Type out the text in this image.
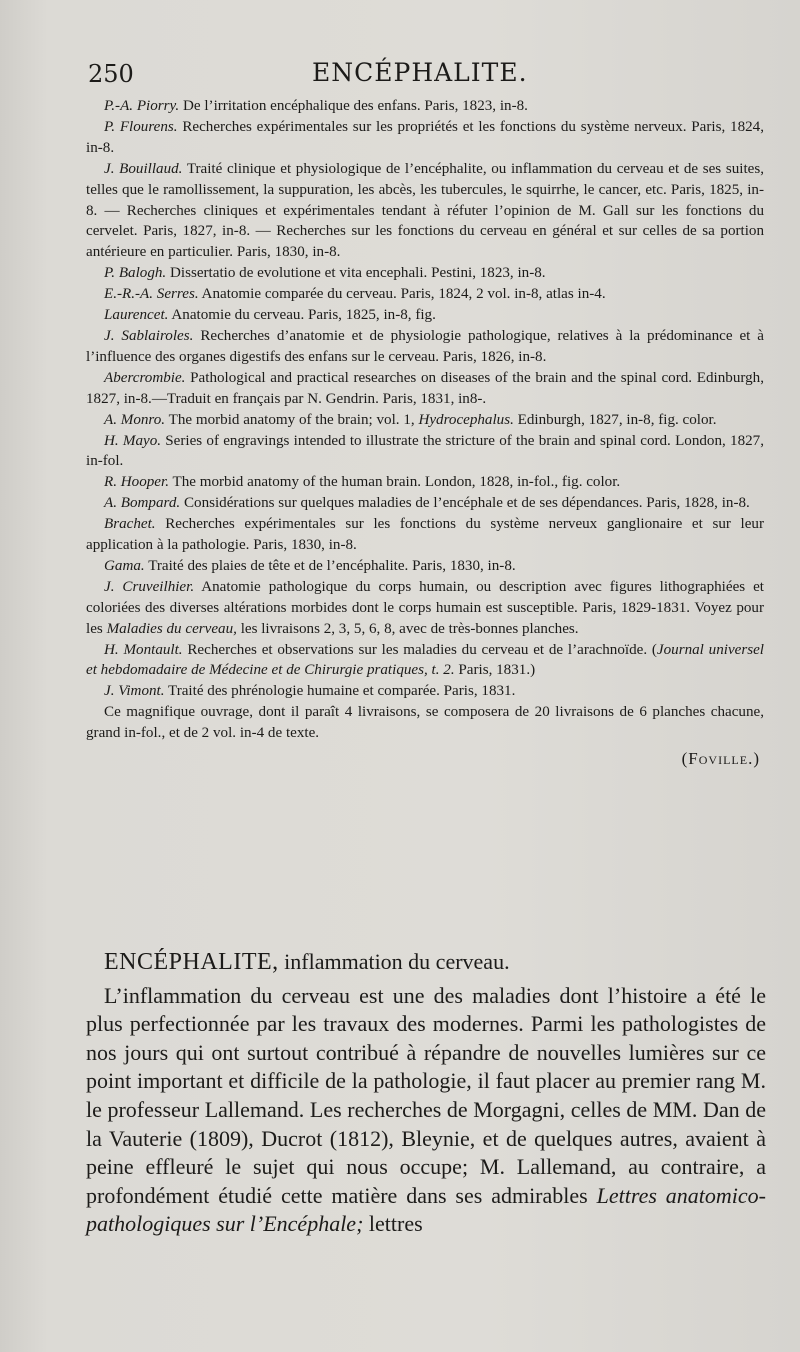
250	ENCÉPHALITE.

P.-A. Piorry. De l’irritation encéphalique des enfans. Paris, 1823, in-8.

P. Flourens. Recherches expérimentales sur les propriétés et les fonctions du système nerveux. Paris, 1824, in-8.

J. Bouillaud. Traité clinique et physiologique de l’encéphalite, ou inflammation du cerveau et de ses suites, telles que le ramollissement, la suppuration, les abcès, les tubercules, le squirrhe, le cancer, etc. Paris, 1825, in-8. — Recherches cliniques et expérimentales tendant à réfuter l’opinion de M. Gall sur les fonctions du cervelet. Paris, 1827, in-8. — Recherches sur les fonctions du cerveau en général et sur celles de sa portion antérieure en particulier. Paris, 1830, in-8.

P. Balogh. Dissertatio de evolutione et vita encephali. Pestini, 1823, in-8.

E.-R.-A. Serres. Anatomie comparée du cerveau. Paris, 1824, 2 vol. in-8, atlas in-4.

Laurencet. Anatomie du cerveau. Paris, 1825, in-8, fig.

J. Sablairoles. Recherches d’anatomie et de physiologie pathologique, relatives à la prédominance et à l’influence des organes digestifs des enfans sur le cerveau. Paris, 1826, in-8.

Abercrombie. Pathological and practical researches on diseases of the brain and the spinal cord. Edinburgh, 1827, in-8.—Traduit en français par N. Gendrin. Paris, 1831, in8-.

A. Monro. The morbid anatomy of the brain; vol. 1, Hydrocephalus. Edinburgh, 1827, in-8, fig. color.

H. Mayo. Series of engravings intended to illustrate the stricture of the brain and spinal cord. London, 1827, in-fol.

R. Hooper. The morbid anatomy of the human brain. London, 1828, in-fol., fig. color.

A. Bompard. Considérations sur quelques maladies de l’encéphale et de ses dépendances. Paris, 1828, in-8.

Brachet. Recherches expérimentales sur les fonctions du système nerveux ganglionaire et sur leur application à la pathologie. Paris, 1830, in-8.

Gama. Traité des plaies de tête et de l’encéphalite. Paris, 1830, in-8.

J. Cruveilhier. Anatomie pathologique du corps humain, ou description avec figures lithographiées et coloriées des diverses altérations morbides dont le corps humain est susceptible. Paris, 1829-1831. Voyez pour les Maladies du cerveau, les livraisons 2, 3, 5, 6, 8, avec de très-bonnes planches.

H. Montault. Recherches et observations sur les maladies du cerveau et de l’arachnoïde. (Journal universel et hebdomadaire de Médecine et de Chirurgie pratiques, t. 2. Paris, 1831.)

J. Vimont. Traité des phrénologie humaine et comparée. Paris, 1831.

Ce magnifique ouvrage, dont il paraît 4 livraisons, se composera de 20 livraisons de 6 planches chacune, grand in-fol., et de 2 vol. in-4 de texte.

(Foville.)

ENCÉPHALITE, inflammation du cerveau.

L’inflammation du cerveau est une des maladies dont l’histoire a été le plus perfectionnée par les travaux des modernes. Parmi les pathologistes de nos jours qui ont surtout contribué à répandre de nouvelles lumières sur ce point important et difficile de la pathologie, il faut placer au premier rang M. le professeur Lallemand. Les recherches de Morgagni, celles de MM. Dan de la Vauterie (1809), Ducrot (1812), Bleynie, et de quelques autres, avaient à peine effleuré le sujet qui nous occupe; M. Lallemand, au contraire, a profondément étudié cette matière dans ses admirables Lettres anatomico-pathologiques sur l’Encéphale; lettres
